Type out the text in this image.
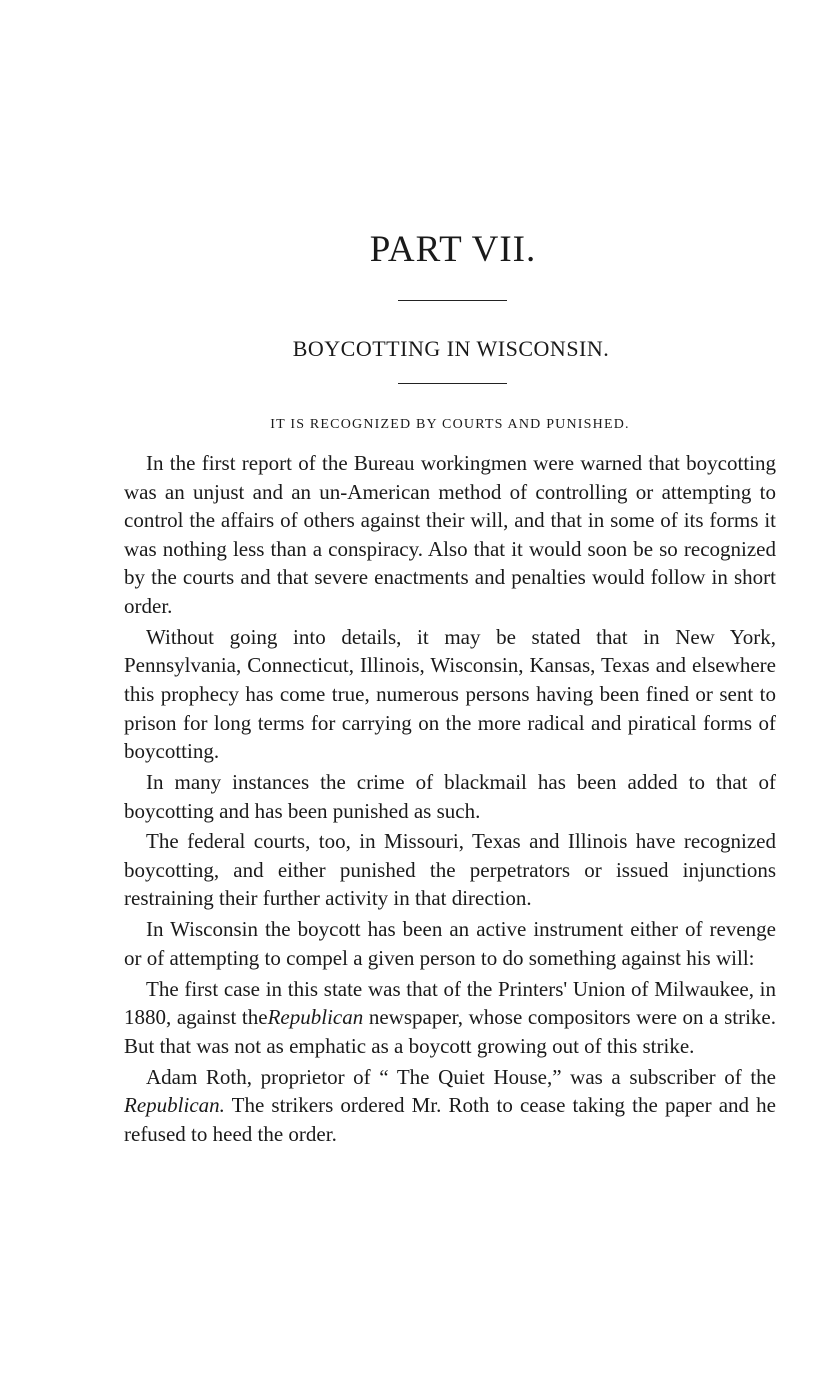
PART VII.
BOYCOTTING IN WISCONSIN.
IT IS RECOGNIZED BY COURTS AND PUNISHED.

In the first report of the Bureau workingmen were warned that boycotting was an unjust and an un-American method of controlling or attempting to control the affairs of others against their will, and that in some of its forms it was nothing less than a conspiracy. Also that it would soon be so recognized by the courts and that severe enactments and penalties would follow in short order.

Without going into details, it may be stated that in New York, Pennsylvania, Connecticut, Illinois, Wisconsin, Kansas, Texas and elsewhere this prophecy has come true, numerous persons having been fined or sent to prison for long terms for carrying on the more radical and piratical forms of boycotting.

In many instances the crime of blackmail has been added to that of boycotting and has been punished as such.

The federal courts, too, in Missouri, Texas and Illinois have recognized boycotting, and either punished the perpetrators or issued injunctions restraining their further activity in that direction.

In Wisconsin the boycott has been an active instrument either of revenge or of attempting to compel a given person to do something against his will:

The first case in this state was that of the Printers' Union of Milwaukee, in 1880, against theRepublican newspaper, whose compositors were on a strike. But that was not as emphatic as a boycott growing out of this strike.

Adam Roth, proprietor of “ The Quiet House,” was a subscriber of the Republican. The strikers ordered Mr. Roth to cease taking the paper and he refused to heed the order.
